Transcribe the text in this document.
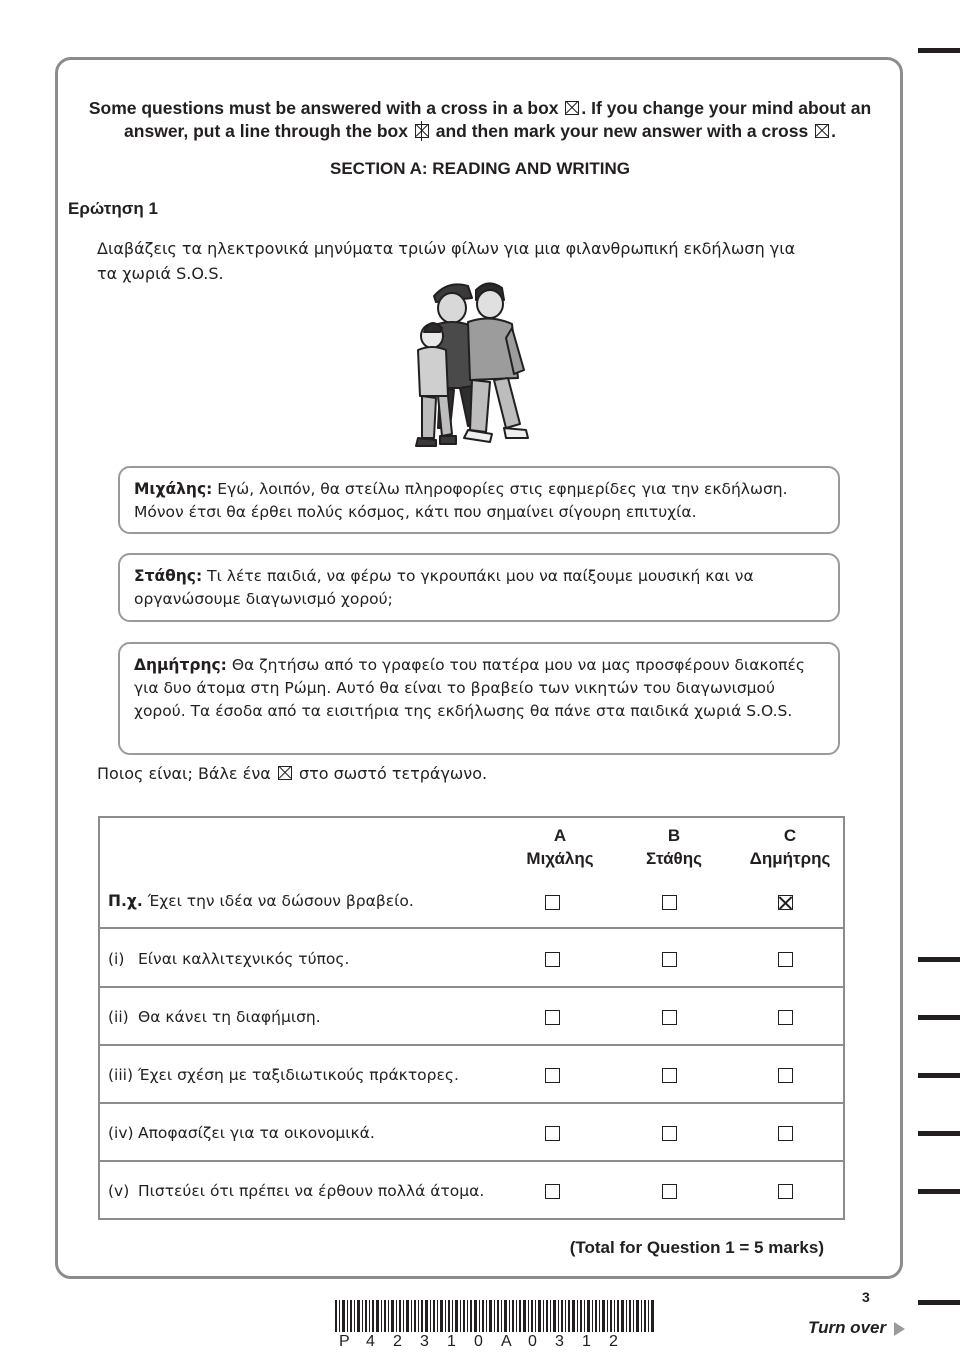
Some questions must be answered with a cross in a box ☒ . If you change your mind about an
answer, put a line through the box and then mark your new answer with a cross ☒ .
SECTION A: READING AND WRITING
Ερώτηση 1
Διαβάζεις τα ηλεκτρονικά μηνύματα τριών φίλων για μια φιλανθρωπική εκδήλωση για τα χωριά S.O.S.
Μιχάλης: Εγώ, λοιπόν, θα στείλω πληροφορίες στις εφημερίδες για την εκδήλωση. Μόνον έτσι θα έρθει πολύς κόσμος, κάτι που σημαίνει σίγουρη επιτυχία.
Στάθης: Τι λέτε παιδιά, να φέρω το γκρουπάκι μου να παίξουμε μουσική και να οργανώσουμε διαγωνισμό χορού;
Δημήτρης: Θα ζητήσω από το γραφείο του πατέρα μου να μας προσφέρουν διακοπές για δυο άτομα στη Ρώμη. Αυτό θα είναι το βραβείο των νικητών του διαγωνισμού χορού. Τα έσοδα από τα εισιτήρια της εκδήλωσης θα πάνε στα παιδικά χωριά S.O.S.
Ποιος είναι; Βάλε ένα ☒ στο σωστό τετράγωνο.
A
Μιχάλης
B
Στάθης
C
Δημήτρης
Π.χ. Έχει την ιδέα να δώσουν βραβείο.
(i) Είναι καλλιτεχνικός τύπος.
(ii) Θα κάνει τη διαφήμιση.
(iii) Έχει σχέση με ταξιδιωτικούς πράκτορες.
(iv) Αποφασίζει για τα οικονομικά.
(v) Πιστεύει ότι πρέπει να έρθουν πολλά άτομα.
(Total for Question 1 = 5 marks)
P 4 2 3 1 0 A 0 3 1 2
3
Turn over
